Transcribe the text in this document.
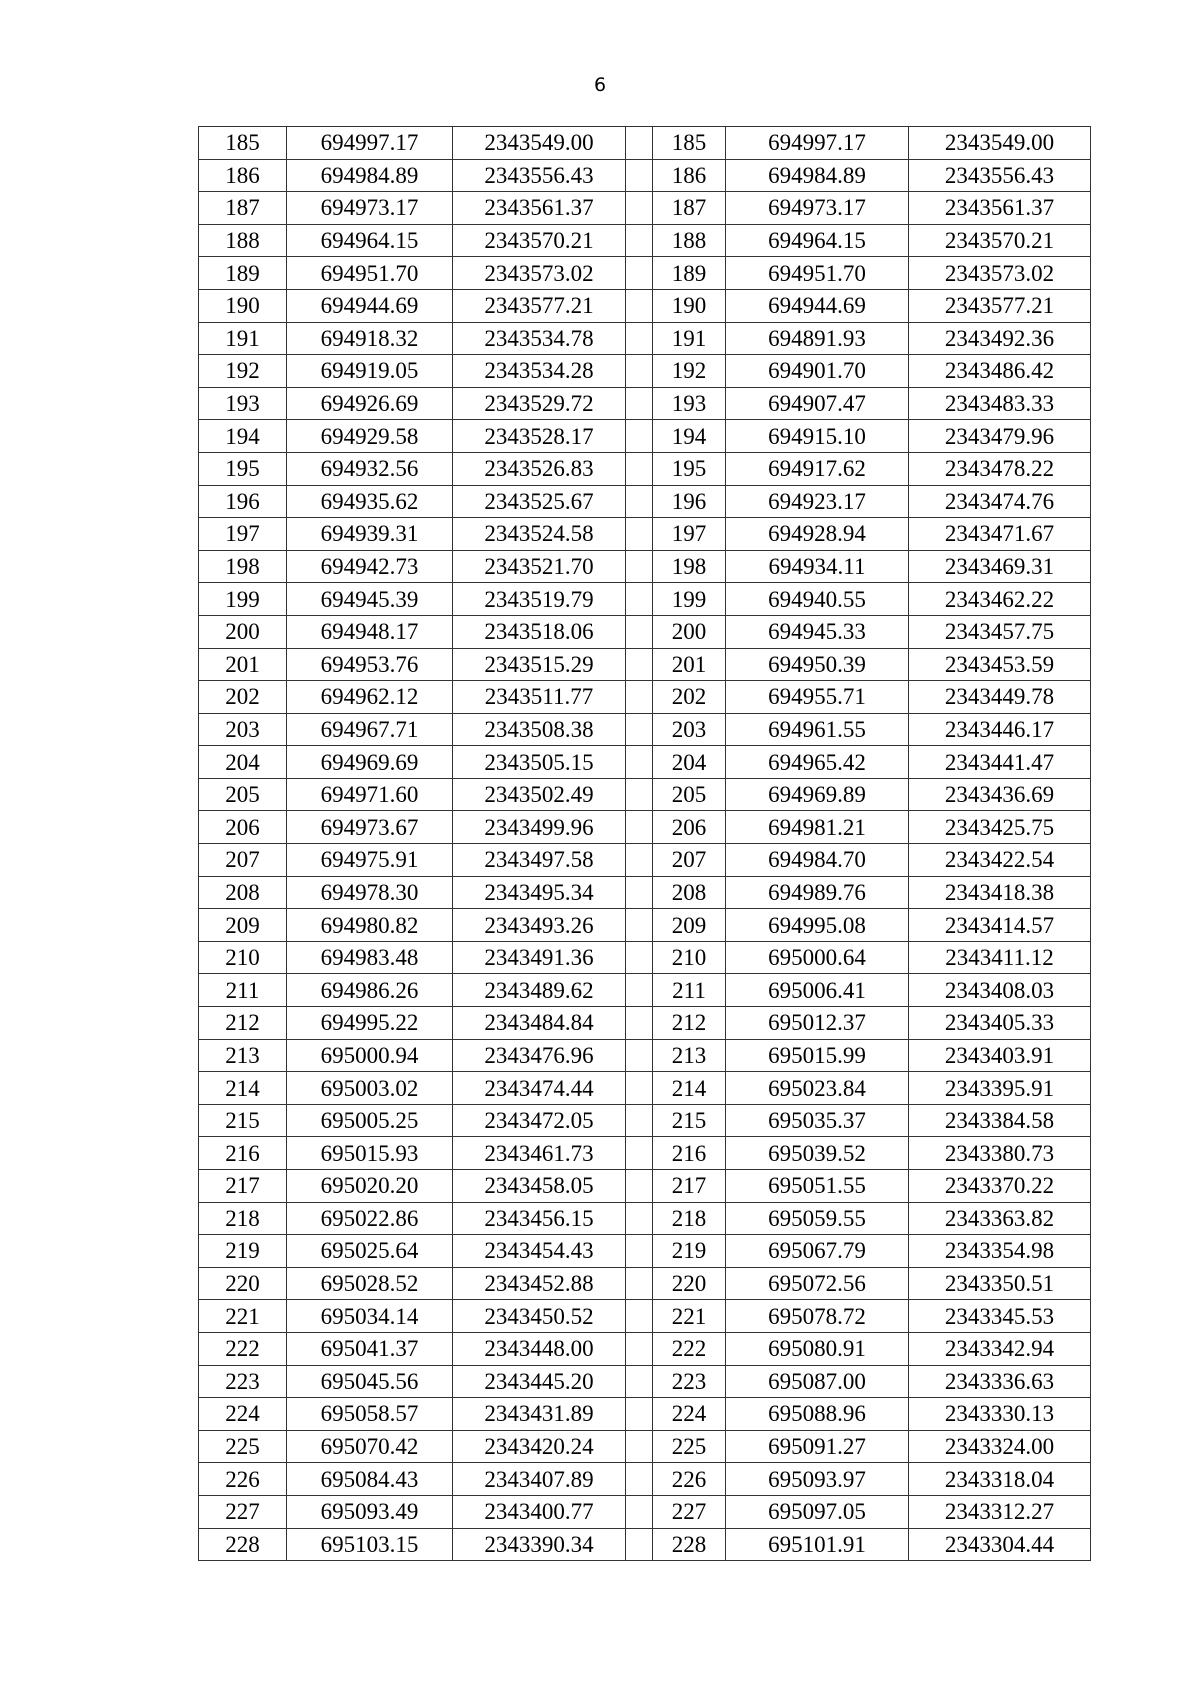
6
185	694997.17	2343549.00		185	694997.17	2343549.00
186	694984.89	2343556.43		186	694984.89	2343556.43
187	694973.17	2343561.37		187	694973.17	2343561.37
188	694964.15	2343570.21		188	694964.15	2343570.21
189	694951.70	2343573.02		189	694951.70	2343573.02
190	694944.69	2343577.21		190	694944.69	2343577.21
191	694918.32	2343534.78		191	694891.93	2343492.36
192	694919.05	2343534.28		192	694901.70	2343486.42
193	694926.69	2343529.72		193	694907.47	2343483.33
194	694929.58	2343528.17		194	694915.10	2343479.96
195	694932.56	2343526.83		195	694917.62	2343478.22
196	694935.62	2343525.67		196	694923.17	2343474.76
197	694939.31	2343524.58		197	694928.94	2343471.67
198	694942.73	2343521.70		198	694934.11	2343469.31
199	694945.39	2343519.79		199	694940.55	2343462.22
200	694948.17	2343518.06		200	694945.33	2343457.75
201	694953.76	2343515.29		201	694950.39	2343453.59
202	694962.12	2343511.77		202	694955.71	2343449.78
203	694967.71	2343508.38		203	694961.55	2343446.17
204	694969.69	2343505.15		204	694965.42	2343441.47
205	694971.60	2343502.49		205	694969.89	2343436.69
206	694973.67	2343499.96		206	694981.21	2343425.75
207	694975.91	2343497.58		207	694984.70	2343422.54
208	694978.30	2343495.34		208	694989.76	2343418.38
209	694980.82	2343493.26		209	694995.08	2343414.57
210	694983.48	2343491.36		210	695000.64	2343411.12
211	694986.26	2343489.62		211	695006.41	2343408.03
212	694995.22	2343484.84		212	695012.37	2343405.33
213	695000.94	2343476.96		213	695015.99	2343403.91
214	695003.02	2343474.44		214	695023.84	2343395.91
215	695005.25	2343472.05		215	695035.37	2343384.58
216	695015.93	2343461.73		216	695039.52	2343380.73
217	695020.20	2343458.05		217	695051.55	2343370.22
218	695022.86	2343456.15		218	695059.55	2343363.82
219	695025.64	2343454.43		219	695067.79	2343354.98
220	695028.52	2343452.88		220	695072.56	2343350.51
221	695034.14	2343450.52		221	695078.72	2343345.53
222	695041.37	2343448.00		222	695080.91	2343342.94
223	695045.56	2343445.20		223	695087.00	2343336.63
224	695058.57	2343431.89		224	695088.96	2343330.13
225	695070.42	2343420.24		225	695091.27	2343324.00
226	695084.43	2343407.89		226	695093.97	2343318.04
227	695093.49	2343400.77		227	695097.05	2343312.27
228	695103.15	2343390.34		228	695101.91	2343304.44
